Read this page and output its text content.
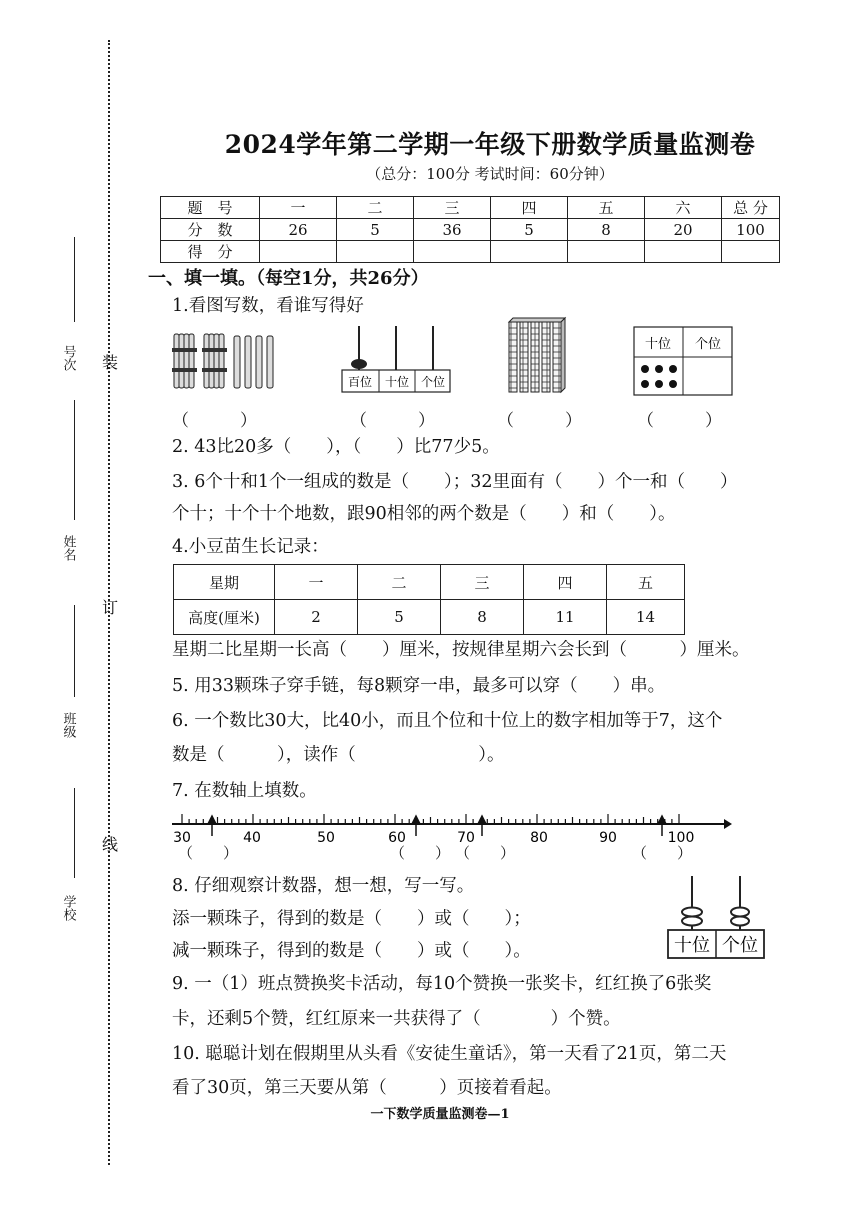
号次
姓名
班级
学校
装
订
线
2024学年第二学期一年级下册数学质量监测卷
（总分：100分 考试时间：60分钟）
题　号	一	二	三	四	五	六	总 分
分　数	26	5	36	5	8	20	100
得　分							
一、填一填。（每空1分，共26分）
1.看图写数，看谁写得好
百位 十位 个位
十位 个位
（　　　）	（　　　）	（　　　）	（　　　）
2. 43比20多（　　），（　　）比77少5。
3. 6个十和1个一组成的数是（　　）；32里面有（　　）个一和（　　）
个十；十个十个地数，跟90相邻的两个数是（　　）和（　　）。
4.小豆苗生长记录：
星期	一	二	三	四	五
高度(厘米)	2	5	8	11	14
星期二比星期一长高（　　）厘米，按规律星期六会长到（　　　）厘米。
5. 用33颗珠子穿手链，每8颗穿一串，最多可以穿（　　）串。
6. 一个数比30大，比40小，而且个位和十位上的数字相加等于7，这个
数是（　　　），读作（　　　　　　　）。
7. 在数轴上填数。
30	40	50	60	70	80	90	100
（　　）	（　　） （　　）	（　　）
8. 仔细观察计数器，想一想，写一写。
添一颗珠子，得到的数是（　　）或（　　）；
减一颗珠子，得到的数是（　　）或（　　）。	十位 个位
9. 一（1）班点赞换奖卡活动，每10个赞换一张奖卡，红红换了6张奖
卡，还剩5个赞，红红原来一共获得了（　　　　）个赞。
10. 聪聪计划在假期里从头看《安徒生童话》，第一天看了21页，第二天
看了30页，第三天要从第（　　　）页接着看起。
一下数学质量监测卷—1
